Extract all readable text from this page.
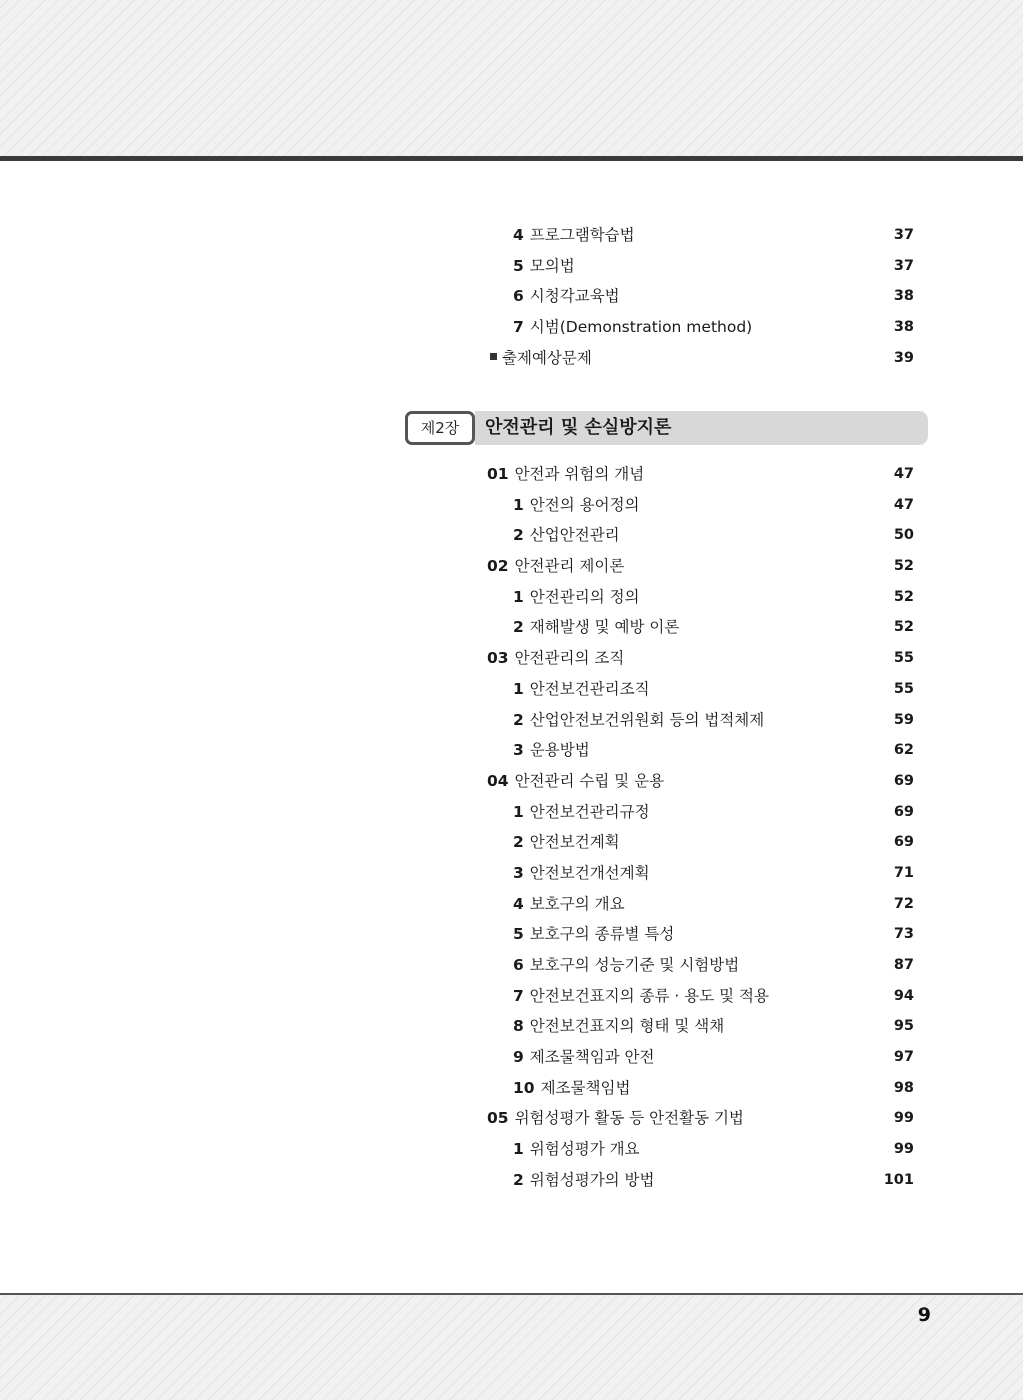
4 프로그램학습법	37
5 모의법	37
6 시청각교육법	38
7 시범(Demonstration method)	38
출제예상문제	39
제2장	안전관리 및 손실방지론
01 안전과 위험의 개념	47
1 안전의 용어정의	47
2 산업안전관리	50
02 안전관리 제이론	52
1 안전관리의 정의	52
2 재해발생 및 예방 이론	52
03 안전관리의 조직	55
1 안전보건관리조직	55
2 산업안전보건위원회 등의 법적체제	59
3 운용방법	62
04 안전관리 수립 및 운용	69
1 안전보건관리규정	69
2 안전보건계획	69
3 안전보건개선계획	71
4 보호구의 개요	72
5 보호구의 종류별 특성	73
6 보호구의 성능기준 및 시험방법	87
7 안전보건표지의 종류 · 용도 및 적용	94
8 안전보건표지의 형태 및 색채	95
9 제조물책임과 안전	97
10 제조물책임법	98
05 위험성평가 활동 등 안전활동 기법	99
1 위험성평가 개요	99
2 위험성평가의 방법	101
9
